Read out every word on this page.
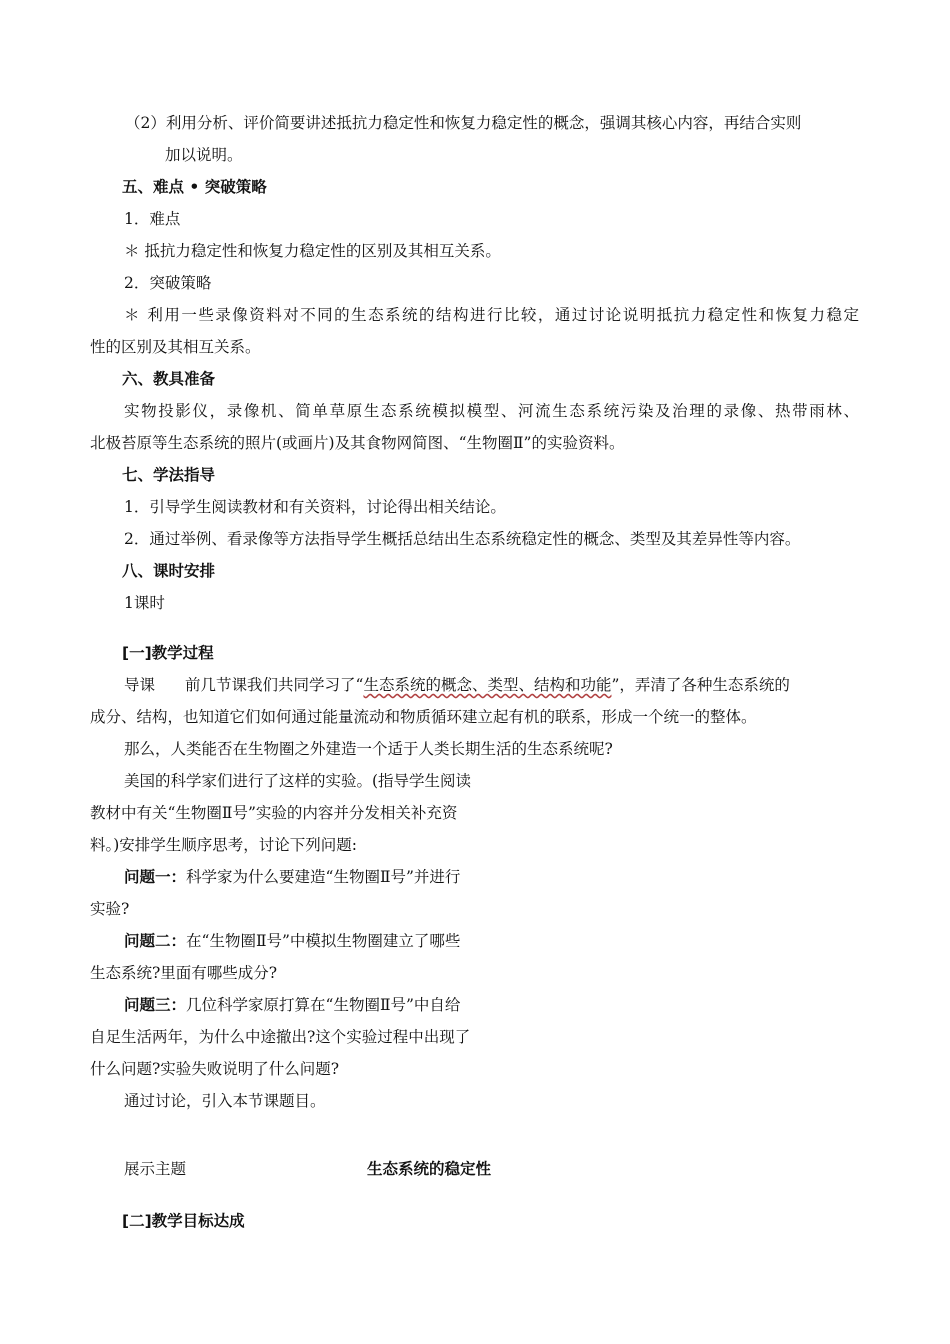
（2）利用分析、评价简要讲述抵抗力稳定性和恢复力稳定性的概念，强调其核心内容，再结合实则
加以说明。
五、难点 • 突破策略
1．难点
＊ 抵抗力稳定性和恢复力稳定性的区别及其相互关系。
2．突破策略
＊ 利用一些录像资料对不同的生态系统的结构进行比较，通过讨论说明抵抗力稳定性和恢复力稳定
性的区别及其相互关系。
六、教具准备
实物投影仪，录像机、简单草原生态系统模拟模型、河流生态系统污染及治理的录像、热带雨林、
北极苔原等生态系统的照片(或画片)及其食物网简图、“生物圈Ⅱ”的实验资料。
七、学法指导
1．引导学生阅读教材和有关资料，讨论得出相关结论。
2．通过举例、看录像等方法指导学生概括总结出生态系统稳定性的概念、类型及其差异性等内容。
八、课时安排
1课时
[一]教学过程
导课 前几节课我们共同学习了“生态系统的概念、类型、结构和功能”，弄清了各种生态系统的
成分、结构，也知道它们如何通过能量流动和物质循环建立起有机的联系，形成一个统一的整体。
那么，人类能否在生物圈之外建造一个适于人类长期生活的生态系统呢?
美国的科学家们进行了这样的实验。(指导学生阅读
教材中有关“生物圈Ⅱ号”实验的内容并分发相关补充资
料。)安排学生顺序思考，讨论下列问题:
问题一：科学家为什么要建造“生物圈Ⅱ号”并进行
实验?
问题二：在“生物圈Ⅱ号”中模拟生物圈建立了哪些
生态系统?里面有哪些成分?
问题三：几位科学家原打算在“生物圈Ⅱ号”中自给
自足生活两年，为什么中途撤出?这个实验过程中出现了
什么问题?实验失败说明了什么问题?
通过讨论，引入本节课题目。
展示主题	生态系统的稳定性
[二]教学目标达成
